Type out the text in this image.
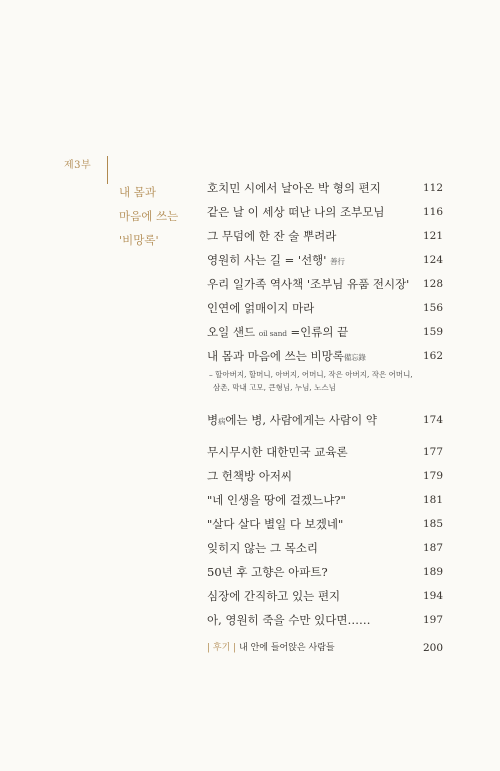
제3부
내 몸과
마음에 쓰는
'비망록'
호치민 시에서 날아온 박 형의 편지	112
같은 날 이 세상 떠난 나의 조부모님	116
그 무덤에 한 잔 술 뿌려라	121
영원히 사는 길 = '선행' 善行	124
우리 일가족 역사책 '조부님 유품 전시장' 128
인연에 얽매이지 마라	156
오일 샌드 oil sand =인류의 끝	159
내 몸과 마음에 쓰는 비망록備忘錄	162
– 할아버지, 할머니, 아버지, 어머니, 작은 아버지, 작은 어머니,
삼촌, 막내 고모, 큰형님, 누님, 노스님
병病에는 병, 사람에게는 사람이 약	174
무시무시한 대한민국 교육론	177
그 헌책방 아저씨	179
"네 인생을 땅에 걸겠느냐?"	181
"살다 살다 별일 다 보겠네"	185
잊히지 않는 그 목소리	187
50년 후 고향은 아파트?	189
심장에 간직하고 있는 편지	194
아, 영원히 죽을 수만 있다면……	197
| 후기 | 내 안에 들어앉은 사람들	200
